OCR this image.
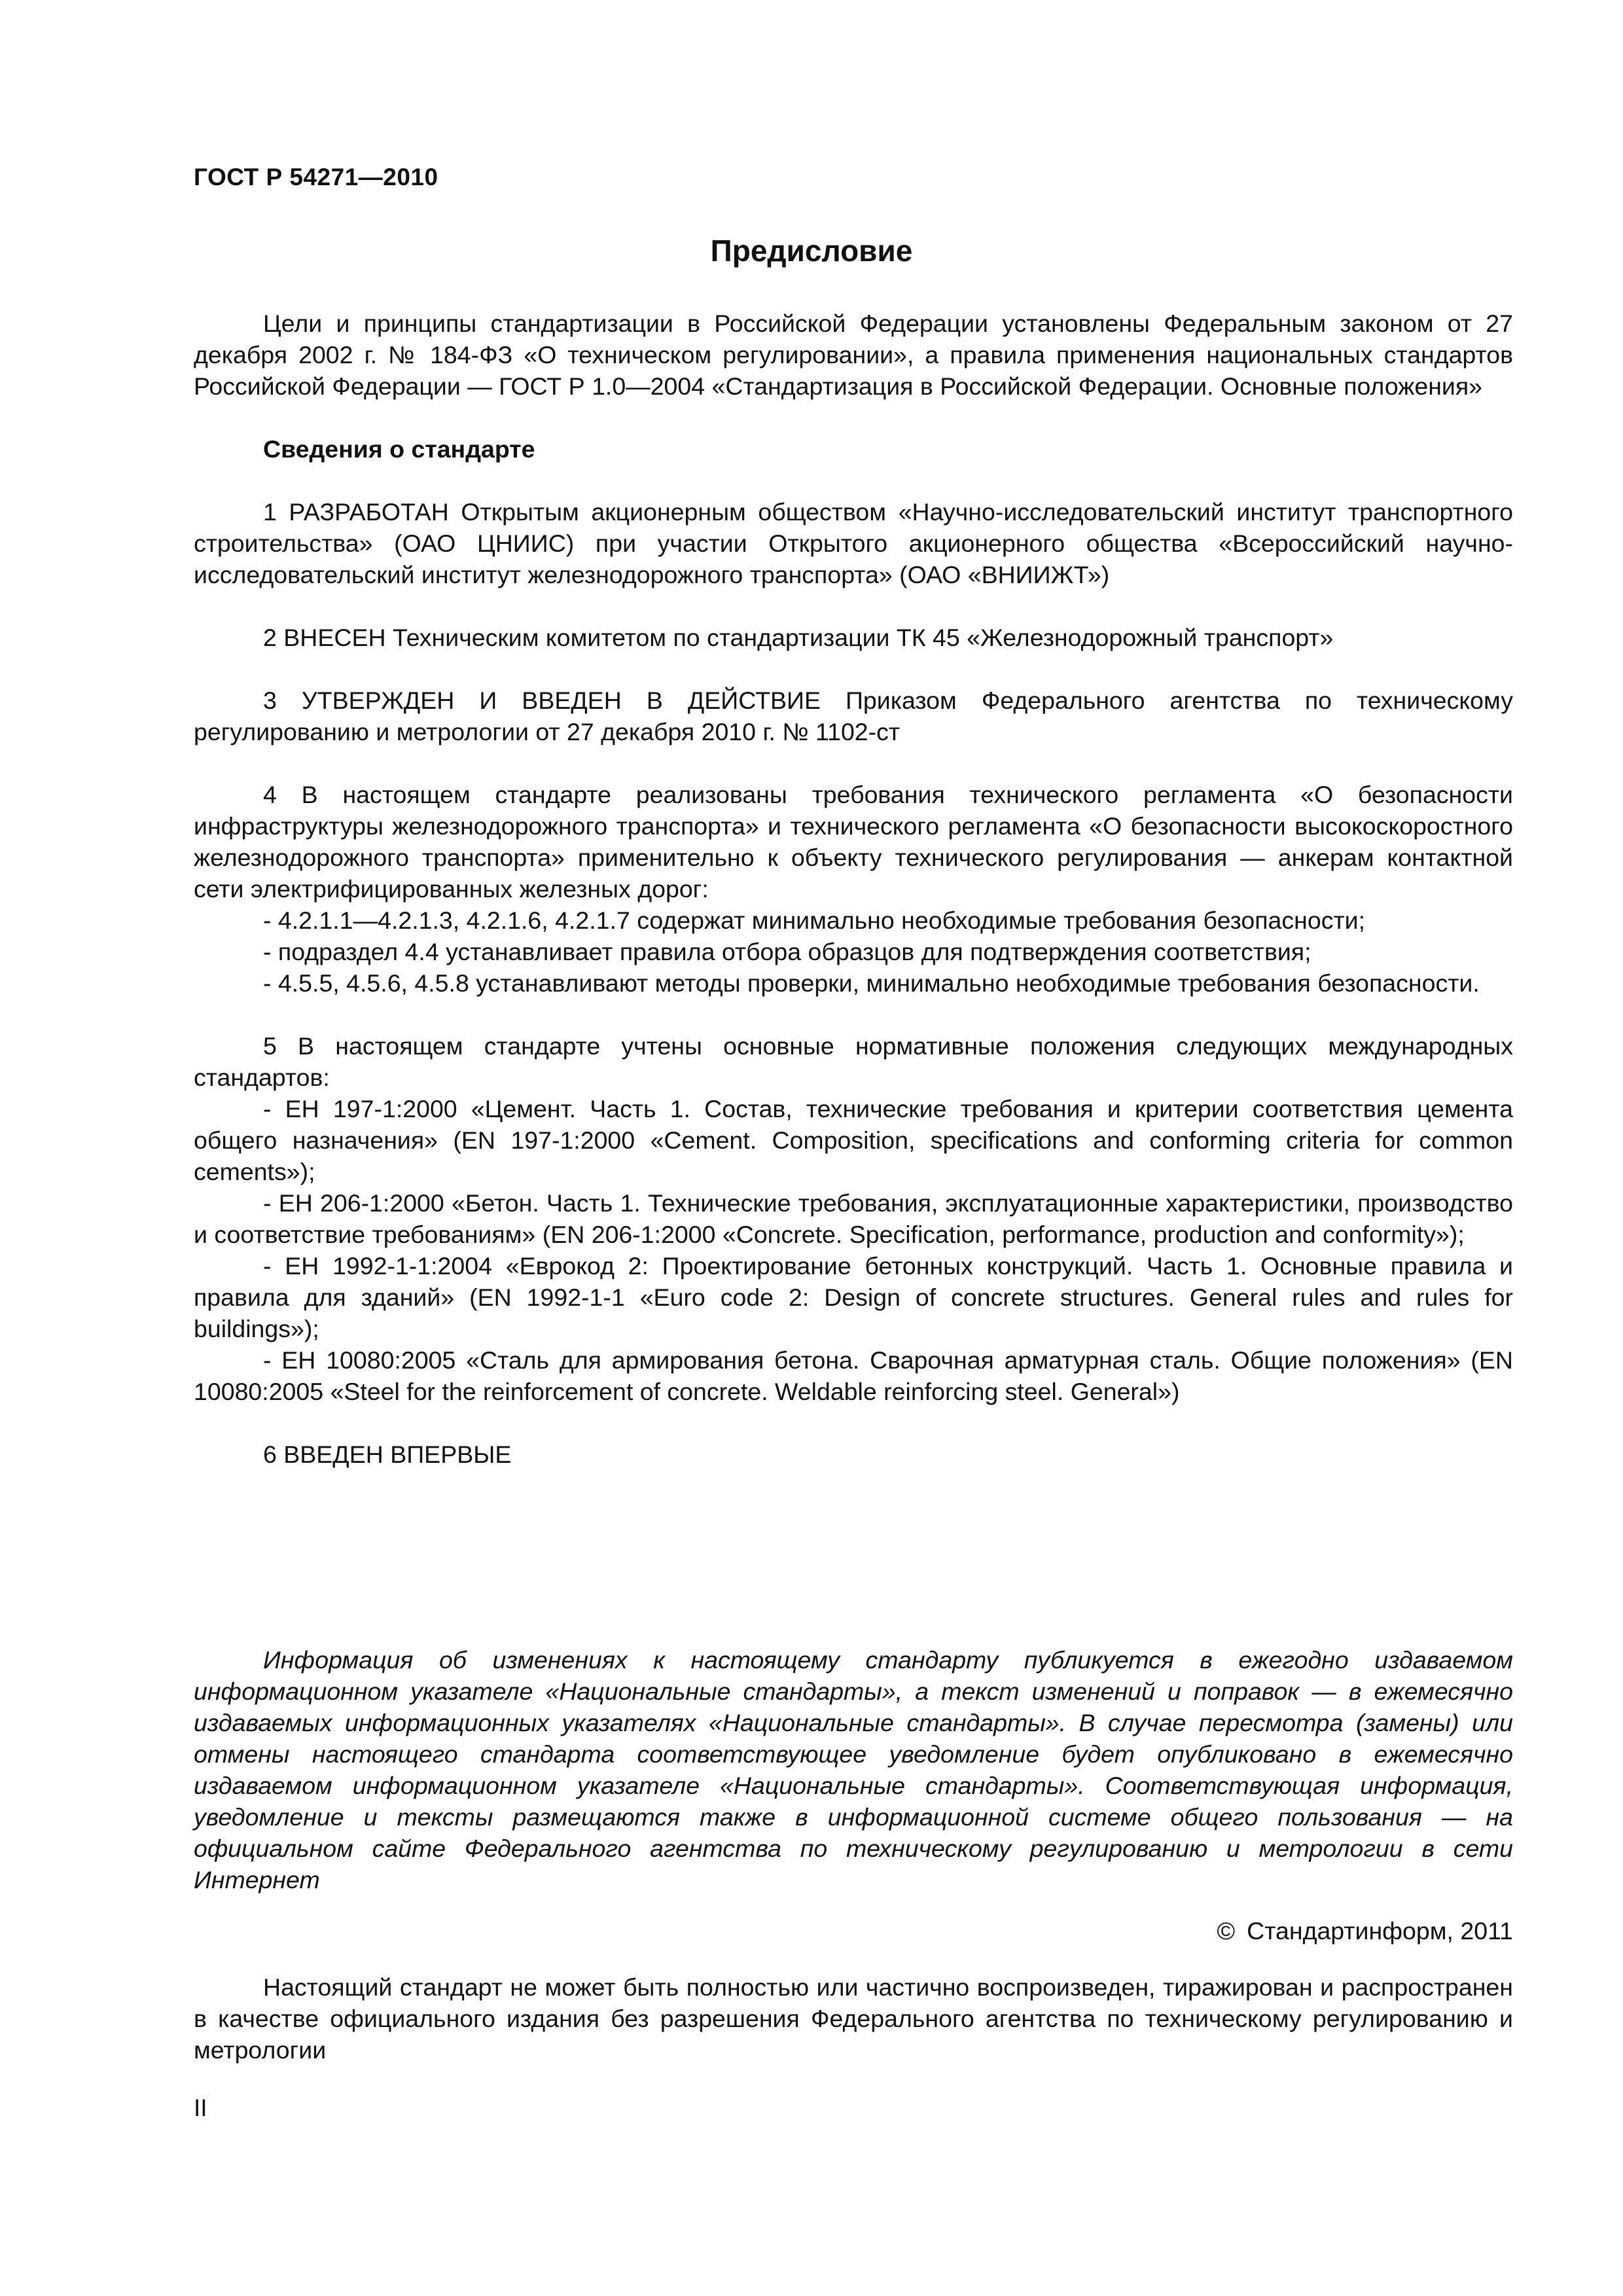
ГОСТ Р 54271—2010
Предисловие

Цели и принципы стандартизации в Российской Федерации установлены Федеральным законом от 27 декабря 2002 г. № 184-ФЗ «О техническом регулировании», а правила применения национальных стандартов Российской Федерации — ГОСТ Р 1.0—2004 «Стандартизация в Российской Федерации. Основные положения»

Сведения о стандарте

1 РАЗРАБОТАН Открытым акционерным обществом «Научно-исследовательский институт транспортного строительства» (ОАО ЦНИИС) при участии Открытого акционерного общества «Всероссийский научно-исследовательский институт железнодорожного транспорта» (ОАО «ВНИИЖТ»)

2 ВНЕСЕН Техническим комитетом по стандартизации ТК 45 «Железнодорожный транспорт»

3 УТВЕРЖДЕН И ВВЕДЕН В ДЕЙСТВИЕ Приказом Федерального агентства по техническому регулированию и метрологии от 27 декабря 2010 г. № 1102-ст

4 В настоящем стандарте реализованы требования технического регламента «О безопасности инфраструктуры железнодорожного транспорта» и технического регламента «О безопасности высокоскоростного железнодорожного транспорта» применительно к объекту технического регулирования — анкерам контактной сети электрифицированных железных дорог:

- 4.2.1.1—4.2.1.3, 4.2.1.6, 4.2.1.7 содержат минимально необходимые требования безопасности;

- подраздел 4.4 устанавливает правила отбора образцов для подтверждения соответствия;

- 4.5.5, 4.5.6, 4.5.8 устанавливают методы проверки, минимально необходимые требования безопасности.

5 В настоящем стандарте учтены основные нормативные положения следующих международных стандартов:

- ЕН 197-1:2000 «Цемент. Часть 1. Состав, технические требования и критерии соответствия цемента общего назначения» (EN 197-1:2000 «Cement. Composition, specifications and conforming criteria for common cements»);

- ЕН 206-1:2000 «Бетон. Часть 1. Технические требования, эксплуатационные характеристики, производство и соответствие требованиям» (EN 206-1:2000 «Concrete. Specification, performance, production and conformity»);

- ЕН 1992-1-1:2004 «Еврокод 2: Проектирование бетонных конструкций. Часть 1. Основные правила и правила для зданий» (EN 1992-1-1 «Euro code 2: Design of concrete structures. General rules and rules for buildings»);

- ЕН 10080:2005 «Сталь для армирования бетона. Сварочная арматурная сталь. Общие положения» (EN 10080:2005 «Steel for the reinforcement of concrete. Weldable reinforcing steel. General»)

6 ВВЕДЕН ВПЕРВЫЕ

Информация об изменениях к настоящему стандарту публикуется в ежегодно издаваемом информационном указателе «Национальные стандарты», а текст изменений и поправок — в ежемесячно издаваемых информационных указателях «Национальные стандарты». В случае пересмотра (замены) или отмены настоящего стандарта соответствующее уведомление будет опубликовано в ежемесячно издаваемом информационном указателе «Национальные стандарты». Соответствующая информация, уведомление и тексты размещаются также в информационной системе общего пользования — на официальном сайте Федерального агентства по техническому регулированию и метрологии в сети Интернет

© Стандартинформ, 2011

Настоящий стандарт не может быть полностью или частично воспроизведен, тиражирован и распространен в качестве официального издания без разрешения Федерального агентства по техническому регулированию и метрологии

II
